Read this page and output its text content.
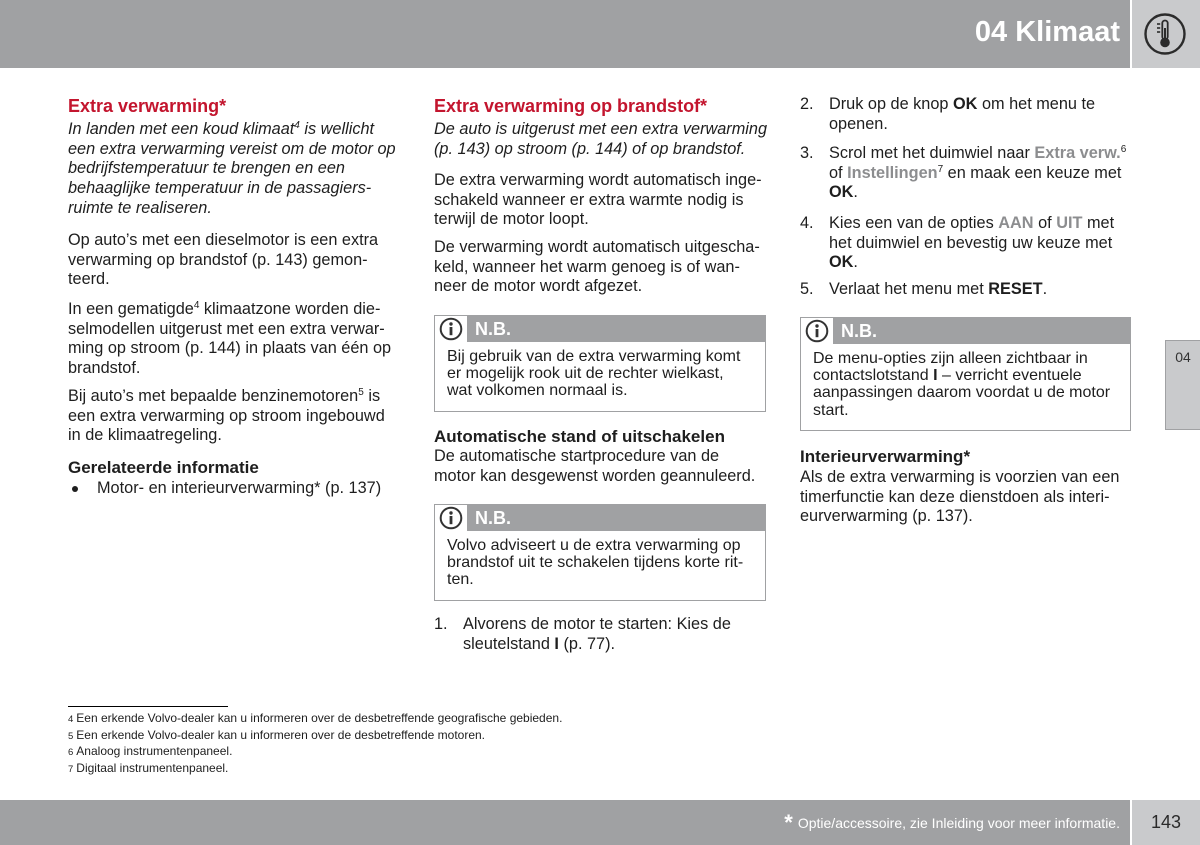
04 Klimaat
04
Extra verwarming*
In landen met een koud klimaat$^4$ is wellicht
een extra verwarming vereist om de motor op
bedrijfstemperatuur te brengen en een
behaaglijke temperatuur in de passagiers-
ruimte te realiseren.
Op auto’s met een dieselmotor is een extra
verwarming op brandstof (p. 143) gemon-
teerd.
In een gematigde$^4$ klimaatzone worden die-
selmodellen uitgerust met een extra verwar-
ming op stroom (p. 144) in plaats van één op
brandstof.
Bij auto’s met bepaalde benzinemotoren$^5$ is
een extra verwarming op stroom ingebouwd
in de klimaatregeling.
Gerelateerde informatie
Motor- en interieurverwarming* (p. 137)
Extra verwarming op brandstof*
De auto is uitgerust met een extra verwarming
(p. 143) op stroom (p. 144) of op brandstof.
De extra verwarming wordt automatisch inge-
schakeld wanneer er extra warmte nodig is
terwijl de motor loopt.
De verwarming wordt automatisch uitgescha-
keld, wanneer het warm genoeg is of wan-
neer de motor wordt afgezet.
N.B.
Bij gebruik van de extra verwarming komt
er mogelijk rook uit de rechter wielkast,
wat volkomen normaal is.
Automatische stand of uitschakelen
De automatische startprocedure van de
motor kan desgewenst worden geannuleerd.
N.B.
Volvo adviseert u de extra verwarming op
brandstof uit te schakelen tijdens korte rit-
ten.
1. Alvorens de motor te starten: Kies de
sleutelstand I (p. 77).
2. Druk op de knop OK om het menu te
openen.
3. Scrol met het duimwiel naar Extra verw.$^6$
of Instellingen$^7$ en maak een keuze met
OK.
4. Kies een van de opties AAN of UIT met
het duimwiel en bevestig uw keuze met
OK.
5. Verlaat het menu met RESET.
N.B.
De menu-opties zijn alleen zichtbaar in
contactslotstand I – verricht eventuele
aanpassingen daarom voordat u de motor
start.
Interieurverwarming*
Als de extra verwarming is voorzien van een
timerfunctie kan deze dienstdoen als interi-
eurverwarming (p. 137).
4 Een erkende Volvo-dealer kan u informeren over de desbetreffende geografische gebieden.
5 Een erkende Volvo-dealer kan u informeren over de desbetreffende motoren.
6 Analoog instrumentenpaneel.
7 Digitaal instrumentenpaneel.
* Optie/accessoire, zie Inleiding voor meer informatie.	143
